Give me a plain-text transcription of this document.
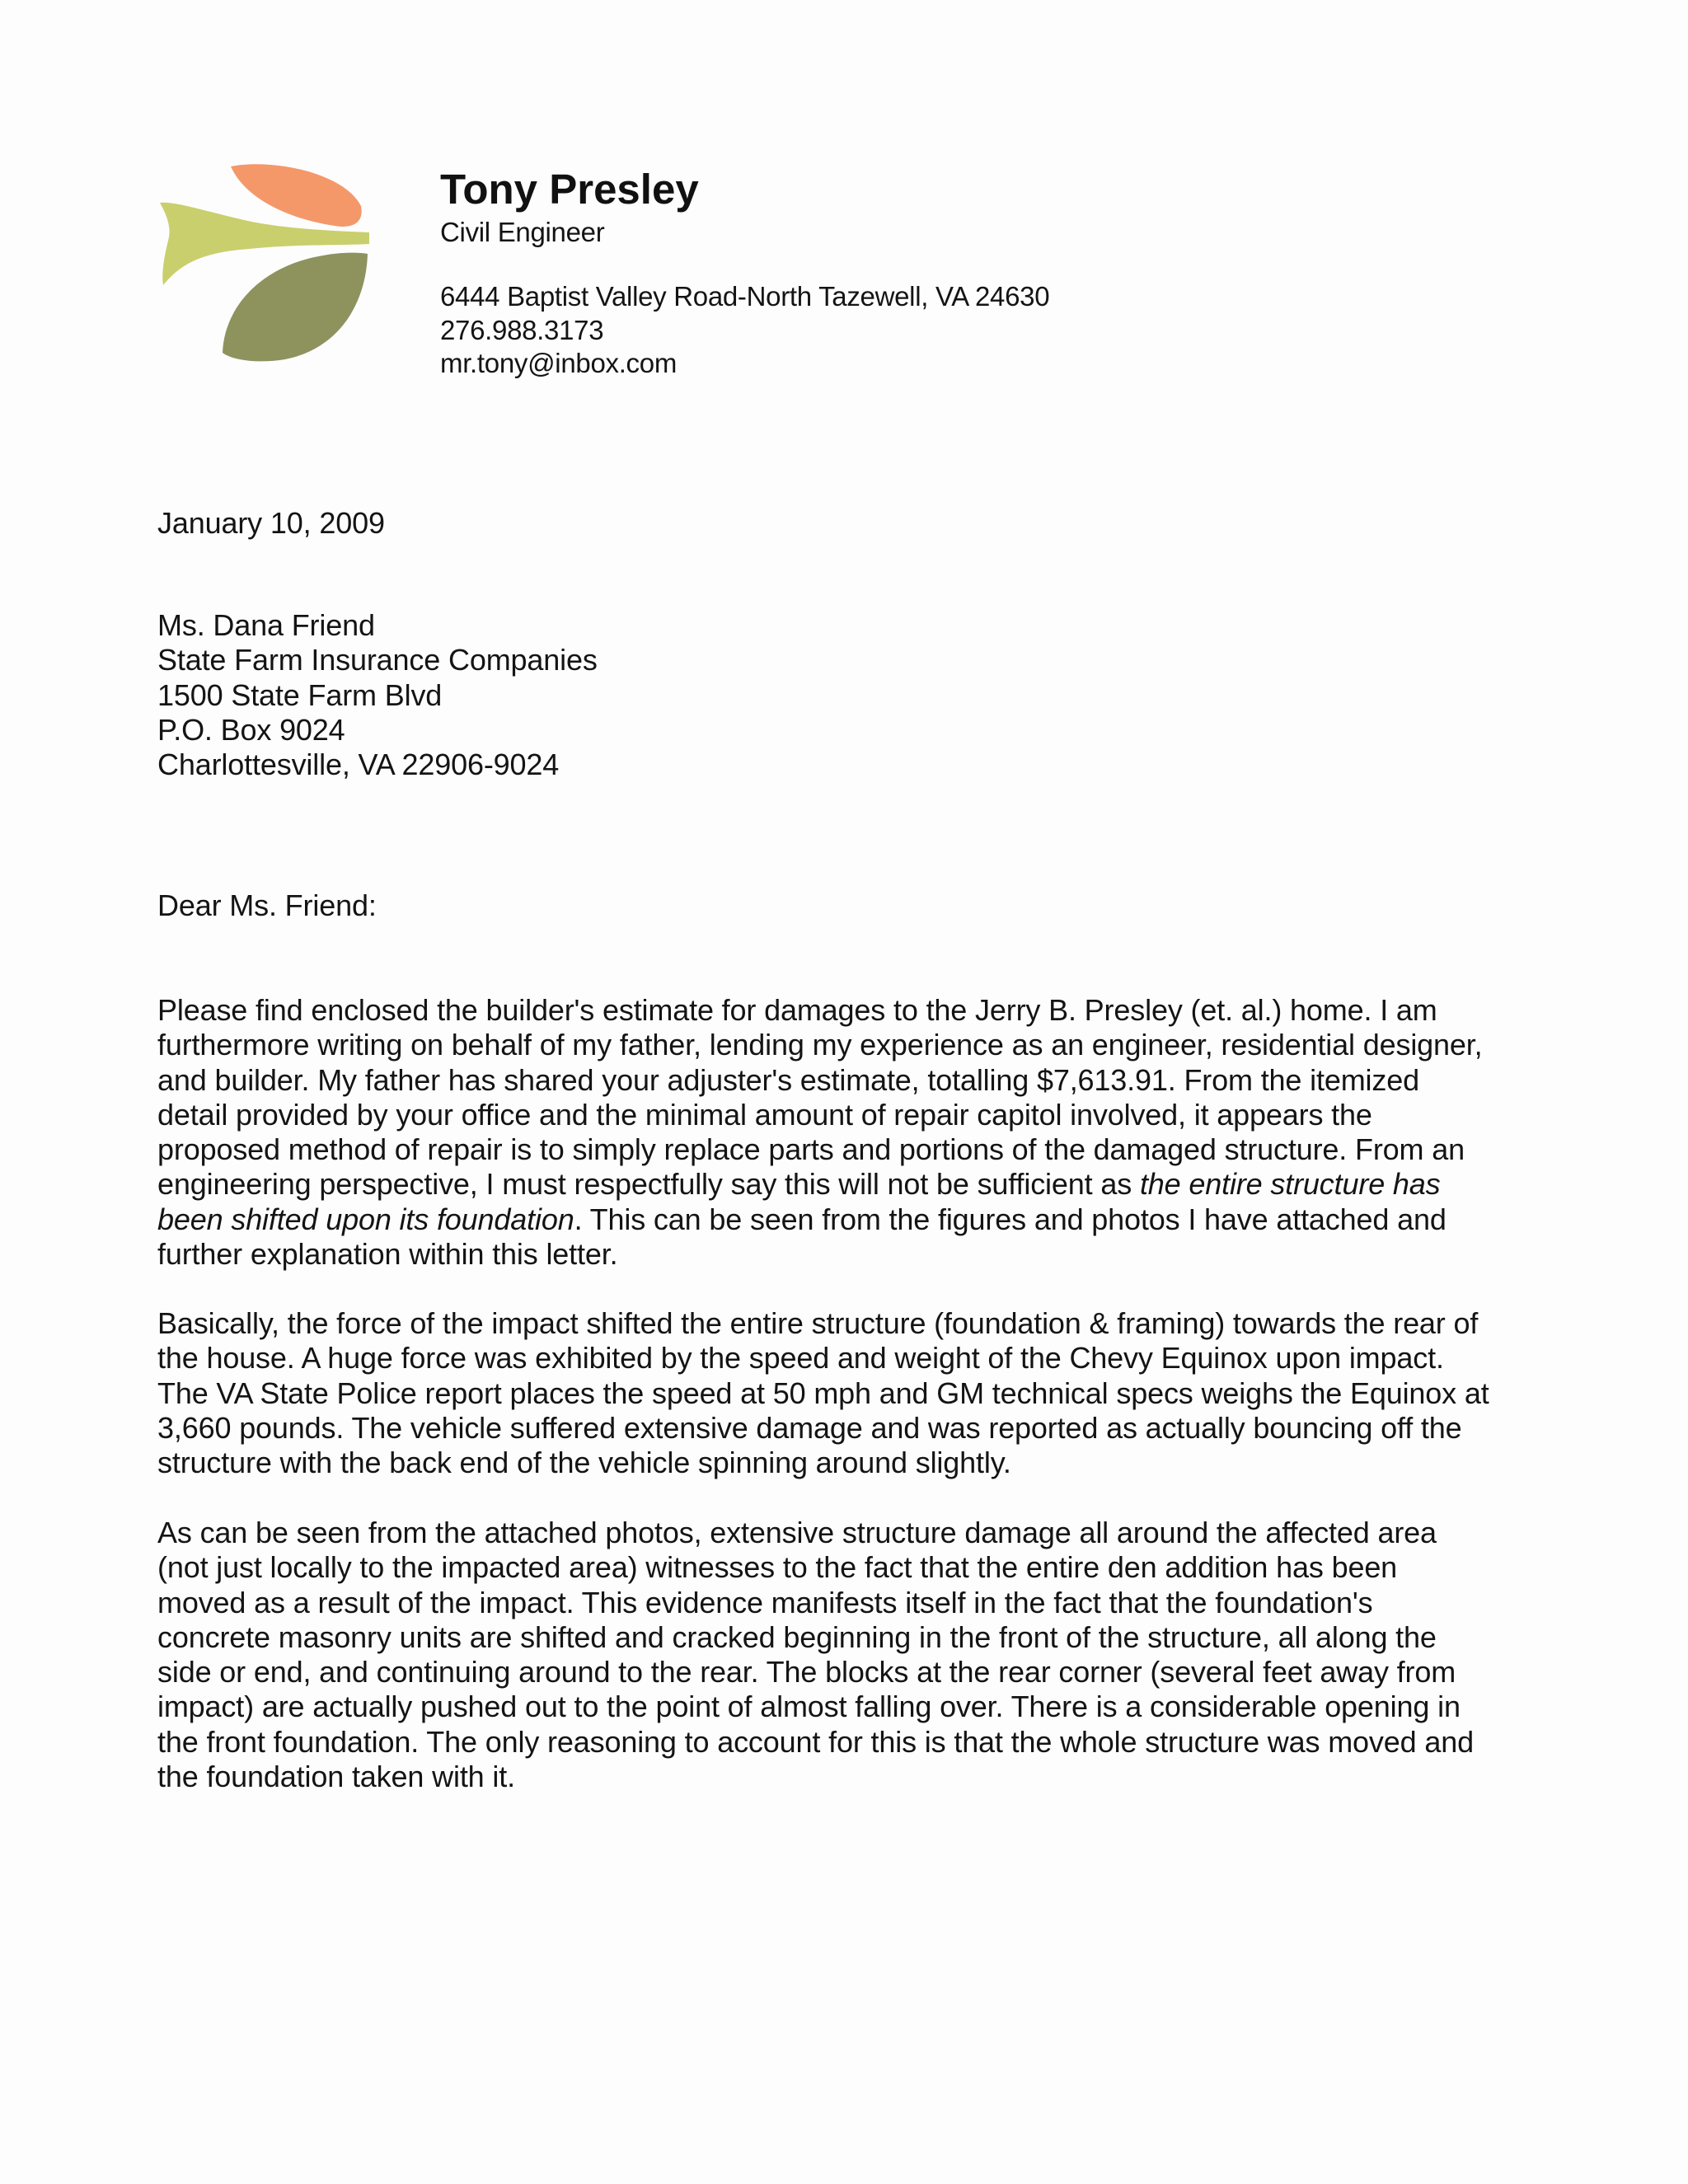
Tony Presley
Civil Engineer
6444 Baptist Valley Road-North Tazewell, VA 24630
276.988.3173
mr.tony@inbox.com
January 10, 2009
Ms. Dana Friend
State Farm Insurance Companies
1500 State Farm Blvd
P.O. Box 9024
Charlottesville, VA 22906-9024
Dear Ms. Friend:
Please find enclosed the builder's estimate for damages to the Jerry B. Presley (et. al.) home. I am
furthermore writing on behalf of my father, lending my experience as an engineer, residential designer,
and builder. My father has shared your adjuster's estimate, totalling $7,613.91. From the itemized
detail provided by your office and the minimal amount of repair capitol involved, it appears the
proposed method of repair is to simply replace parts and portions of the damaged structure. From an
engineering perspective, I must respectfully say this will not be sufficient as the entire structure has
been shifted upon its foundation. This can be seen from the figures and photos I have attached and
further explanation within this letter.
Basically, the force of the impact shifted the entire structure (foundation & framing) towards the rear of
the house. A huge force was exhibited by the speed and weight of the Chevy Equinox upon impact.
The VA State Police report places the speed at 50 mph and GM technical specs weighs the Equinox at
3,660 pounds. The vehicle suffered extensive damage and was reported as actually bouncing off the
structure with the back end of the vehicle spinning around slightly.
As can be seen from the attached photos, extensive structure damage all around the affected area
(not just locally to the impacted area) witnesses to the fact that the entire den addition has been
moved as a result of the impact. This evidence manifests itself in the fact that the foundation's
concrete masonry units are shifted and cracked beginning in the front of the structure, all along the
side or end, and continuing around to the rear. The blocks at the rear corner (several feet away from
impact) are actually pushed out to the point of almost falling over. There is a considerable opening in
the front foundation. The only reasoning to account for this is that the whole structure was moved and
the foundation taken with it.
